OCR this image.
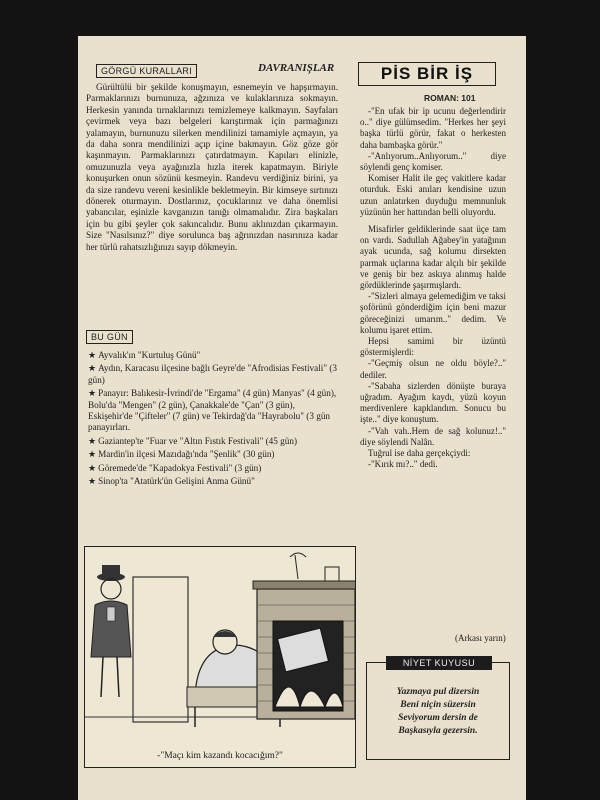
GÖRGÜ KURALLARI	DAVRANIŞLAR
Gürültülü bir şekilde konuşmayın, esnemeyin ve hapşırmayın. Parmaklarınızı burnunuza, ağzınıza ve kulaklarınıza sokmayın. Herkesin yanında tırnaklarınızı temizlemeye kalkmayın. Sayfaları çevirmek veya bazı belgeleri karıştırmak için parmağınızı yalamayın, burnunuzu silerken mendilinizi tamamiyle açmayın, ya da daha sonra mendilinizi açıp içine bakmayın. Göz göze gör kaşınmayın. Parmaklarınızı çatırdatmayın. Kapıları elinizle, omuzunuzla veya ayağınızla hızla iterek kapatmayın. Biriyle konuşurken onun sözünü kesmeyin. Randevu verdiğiniz birini, ya da size randevu vereni kesinlikle bekletmeyin. Bir kimseye sırtınızı dönerek oturmayın. Dostlarınız, çocuklarınız ve daha önemlisi yabancılar, eşinizle kavganızın tanığı olmamalıdır. Zira başkaları için bu gibi şeyler çok sakıncalıdır. Bunu aklınızdan çıkarmayın. Size "Nasılsınız?" diye sorulunca baş ağrınızdan nasırınıza kadar her türlü rahatsızlığınızı sayıp dökmeyin.
BU GÜN
★ Ayvalık'ın "Kurtuluş Günü"
★ Aydın, Karacasu ilçesine bağlı Geyre'de "Afrodisias Festivali" (3 gün)
★ Panayır: Balıkesir-İvrindi'de "Ergama" (4 gün) Manyas" (4 gün), Bolu'da "Mengen" (2 gün), Çanakkale'de "Çan" (3 gün), Eskişehir'de "Çifteler" (7 gün) ve Tekirdağ'da "Hayrabolu" (3 gün panayırları.
★ Gaziantep'te "Fuar ve "Altın Fıstık Festivali" (45 gün)
★ Mardin'in ilçesi Mazıdağı'nda "Şenlik" (30 gün)
★ Göremede'de "Kapadokya Festivali" (3 gün)
★ Sinop'ta "Atatürk'ün Gelişini Anma Günü"
-"Maçı kim kazandı kocacığım?"
PİS BİR İŞ
ROMAN: 101

-"En ufak bir ip ucunu değerlendirir o.." diye gülümsedim. "Herkes her şeyi başka türlü görür, fakat o herkesten daha bambaşka görür."

-"Anlıyorum..Anlıyorum.." diye söylendi genç komiser.

Komiser Halit ile geç vakitlere kadar oturduk. Eski anıları kendisine uzun uzun anlatırken duyduğu memnunluk yüzünün her hattından belli oluyordu.

Misafirler geldiklerinde saat üçe tam on vardı. Sadullah Ağabey'in yatağının ayak ucunda, sağ kolumu dirsekten parmak uçlarına kadar alçılı bir şekilde ve geniş bir bez askıya alınmış halde gördüklerinde şaşırmışlardı.

-"Sizleri almaya gelemediğim ve taksi şoförünü gönderdiğim için beni mazur göreceğinizi umarım.." dedim. Ve kolumu işaret ettim.

Hepsi samimi bir üzüntü göstermişlerdi:

-"Geçmiş olsun ne oldu böyle?.." dediler.

-"Sabaha sizlerden dönüşte buraya uğradım. Ayağım kaydı, yüzü koyun merdivenlere kapklandım. Sonucu bu işte.." diye konuştum.

-"Vah vah..Hem de sağ kolunuz!.." diye söylendi Nalân.

Tuğrul ise daha gerçekçiydi:

-"Kırık mı?.." dedi.

(Arkası yarın)
NİYET KUYUSU
Yazmaya pul dizersin
Beni niçin süzersin
Seviyorum dersin de
Başkasıyla gezersin.
